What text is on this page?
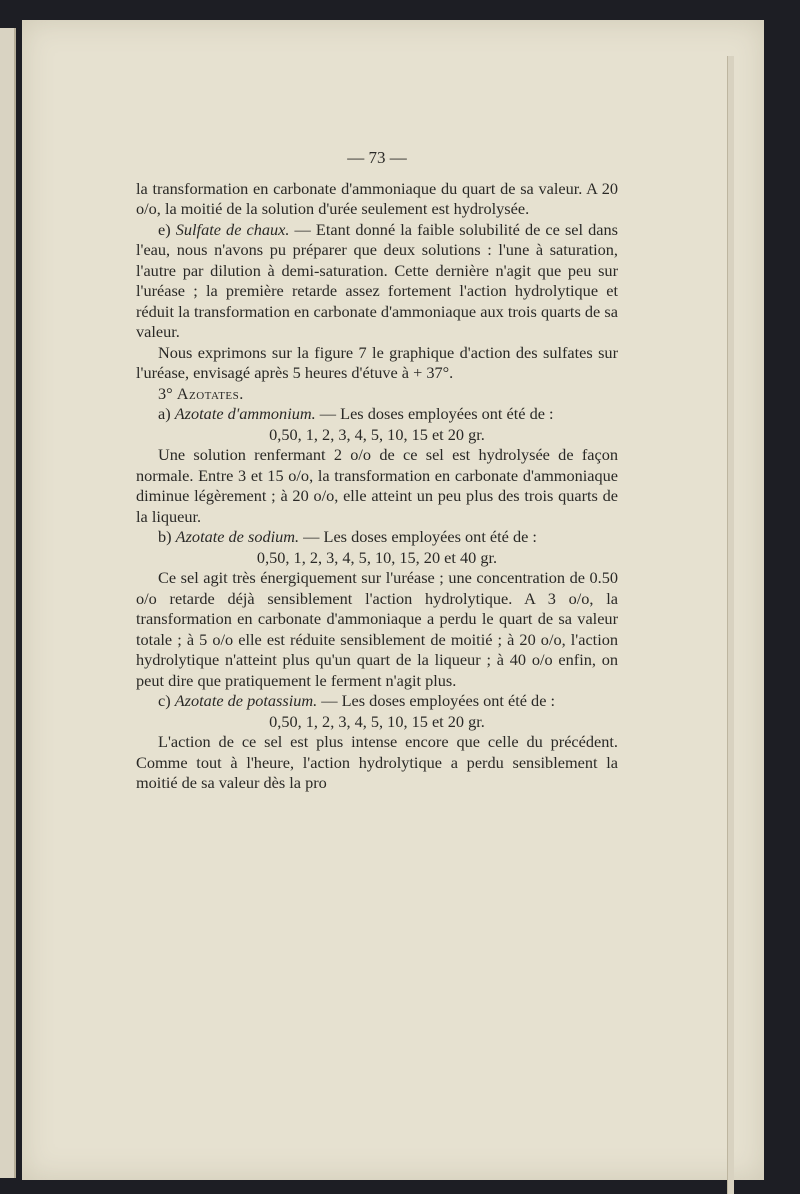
— 73 —

la transformation en carbonate d'ammoniaque du quart de sa valeur. A 20 o/o, la moitié de la solution d'urée seulement est hydrolysée.

e) Sulfate de chaux. — Etant donné la faible solubilité de ce sel dans l'eau, nous n'avons pu préparer que deux solutions : l'une à saturation, l'autre par dilution à demi-saturation. Cette dernière n'agit que peu sur l'uréase ; la première retarde assez fortement l'action hydrolytique et réduit la transformation en carbonate d'ammoniaque aux trois quarts de sa valeur.

Nous exprimons sur la figure 7 le graphique d'action des sulfates sur l'uréase, envisagé après 5 heures d'étuve à + 37°.

3° Azotates.

a) Azotate d'ammonium. — Les doses employées ont été de :

0,50, 1, 2, 3, 4, 5, 10, 15 et 20 gr.

Une solution renfermant 2 o/o de ce sel est hydrolysée de façon normale. Entre 3 et 15 o/o, la transformation en carbonate d'ammoniaque diminue légèrement ; à 20 o/o, elle atteint un peu plus des trois quarts de la liqueur.

b) Azotate de sodium. — Les doses employées ont été de :

0,50, 1, 2, 3, 4, 5, 10, 15, 20 et 40 gr.

Ce sel agit très énergiquement sur l'uréase ; une concentration de 0.50 o/o retarde déjà sensiblement l'action hydrolytique. A 3 o/o, la transformation en carbonate d'ammoniaque a perdu le quart de sa valeur totale ; à 5 o/o elle est réduite sensiblement de moitié ; à 20 o/o, l'action hydrolytique n'atteint plus qu'un quart de la liqueur ; à 40 o/o enfin, on peut dire que pratiquement le ferment n'agit plus.

c) Azotate de potassium. — Les doses employées ont été de :

0,50, 1, 2, 3, 4, 5, 10, 15 et 20 gr.

L'action de ce sel est plus intense encore que celle du précédent. Comme tout à l'heure, l'action hydrolytique a perdu sensiblement la moitié de sa valeur dès la pro
